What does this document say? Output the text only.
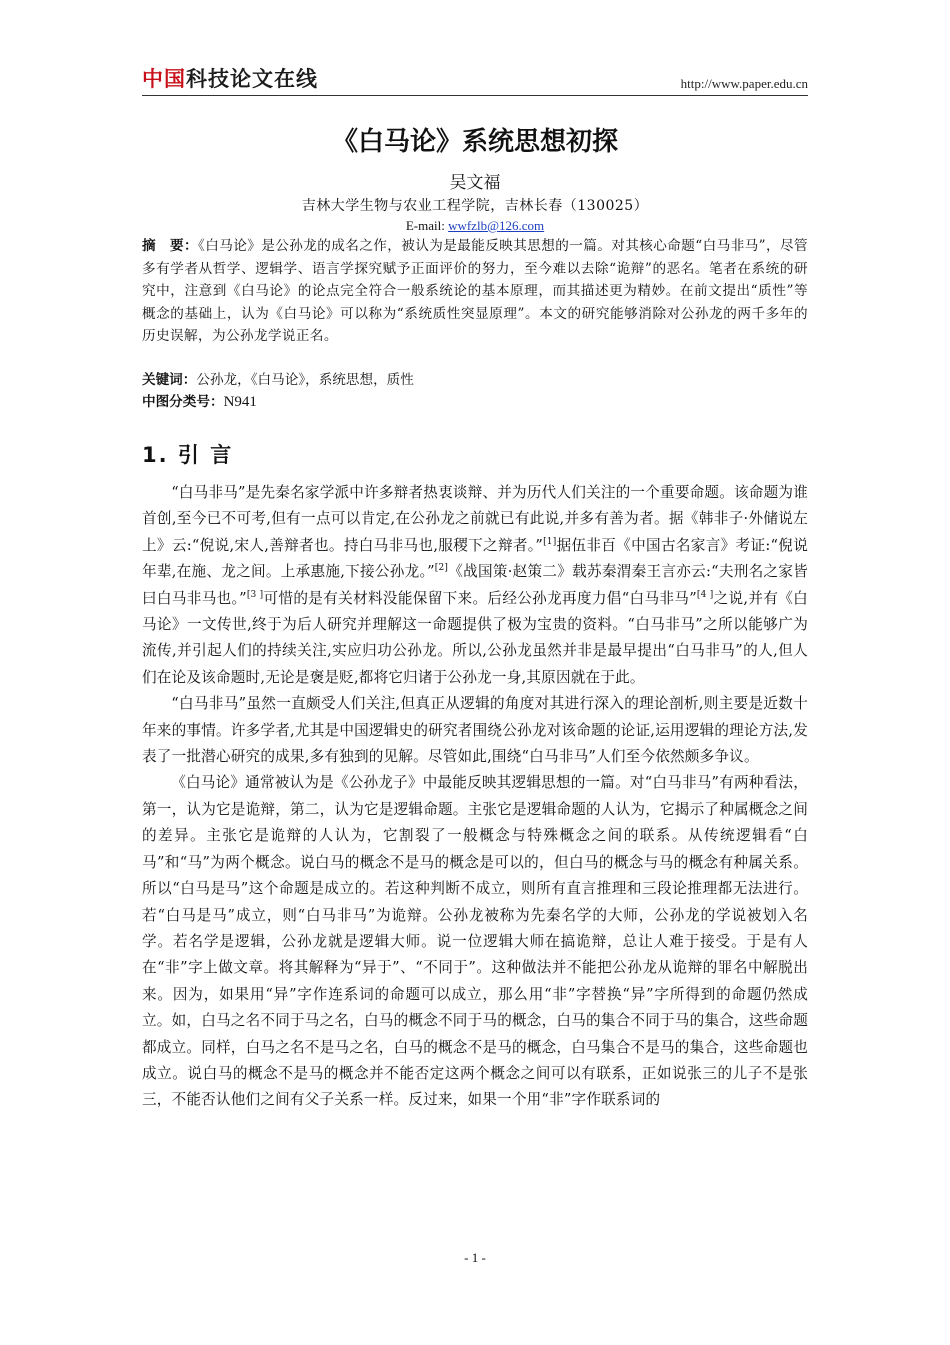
中国科技论文在线	http://www.paper.edu.cn
《白马论》系统思想初探
吴文福
吉林大学生物与农业工程学院，吉林长春（130025）
E-mail: wwfzlb@126.com
摘　要：《白马论》是公孙龙的成名之作，被认为是最能反映其思想的一篇。对其核心命题“白马非马”，尽管多有学者从哲学、逻辑学、语言学探究赋予正面评价的努力，至今难以去除“诡辩”的恶名。笔者在系统的研究中，注意到《白马论》的论点完全符合一般系统论的基本原理，而其描述更为精妙。在前文提出“质性”等概念的基础上，认为《白马论》可以称为“系统质性突显原理”。本文的研究能够消除对公孙龙的两千多年的历史误解，为公孙龙学说正名。
关键词：公孙龙，《白马论》，系统思想，质性
中图分类号：N941
1. 引 言

“白马非马”是先秦名家学派中许多辩者热衷谈辩、并为历代人们关注的一个重要命题。该命题为谁首创,至今已不可考,但有一点可以肯定,在公孙龙之前就已有此说,并多有善为者。据《韩非子·外储说左上》云:“倪说,宋人,善辩者也。持白马非马也,服稷下之辩者。”[1]据伍非百《中国古名家言》考证:“倪说年辈,在施、龙之间。上承惠施,下接公孙龙。”[2]《战国策·赵策二》载苏秦渭秦王言亦云:“夫刑名之家皆曰白马非马也。”[3 ]可惜的是有关材料没能保留下来。后经公孙龙再度力倡“白马非马”[4 ]之说,并有《白马论》一文传世,终于为后人研究并理解这一命题提供了极为宝贵的资料。“白马非马”之所以能够广为流传,并引起人们的持续关注,实应归功公孙龙。所以,公孙龙虽然并非是最早提出“白马非马”的人,但人们在论及该命题时,无论是褒是贬,都将它归诸于公孙龙一身,其原因就在于此。

“白马非马”虽然一直颇受人们关注,但真正从逻辑的角度对其进行深入的理论剖析,则主要是近数十年来的事情。许多学者,尤其是中国逻辑史的研究者围绕公孙龙对该命题的论证,运用逻辑的理论方法,发表了一批潜心研究的成果,多有独到的见解。尽管如此,围绕“白马非马”人们至今依然颇多争议。

《白马论》通常被认为是《公孙龙子》中最能反映其逻辑思想的一篇。对“白马非马”有两种看法，第一，认为它是诡辩，第二，认为它是逻辑命题。主张它是逻辑命题的人认为，它揭示了种属概念之间的差异。主张它是诡辩的人认为，它割裂了一般概念与特殊概念之间的联系。从传统逻辑看“白马”和“马”为两个概念。说白马的概念不是马的概念是可以的，但白马的概念与马的概念有种属关系。所以“白马是马”这个命题是成立的。若这种判断不成立，则所有直言推理和三段论推理都无法进行。若“白马是马”成立，则“白马非马”为诡辩。公孙龙被称为先秦名学的大师，公孙龙的学说被划入名学。若名学是逻辑，公孙龙就是逻辑大师。说一位逻辑大师在搞诡辩，总让人难于接受。于是有人在“非”字上做文章。将其解释为“异于”、“不同于”。这种做法并不能把公孙龙从诡辩的罪名中解脱出来。因为，如果用“异”字作连系词的命题可以成立，那么用“非”字替换“异”字所得到的命题仍然成立。如，白马之名不同于马之名，白马的概念不同于马的概念，白马的集合不同于马的集合，这些命题都成立。同样，白马之名不是马之名，白马的概念不是马的概念，白马集合不是马的集合，这些命题也成立。说白马的概念不是马的概念并不能否定这两个概念之间可以有联系，正如说张三的儿子不是张三，不能否认他们之间有父子关系一样。反过来，如果一个用“非”字作联系词的

- 1 -
